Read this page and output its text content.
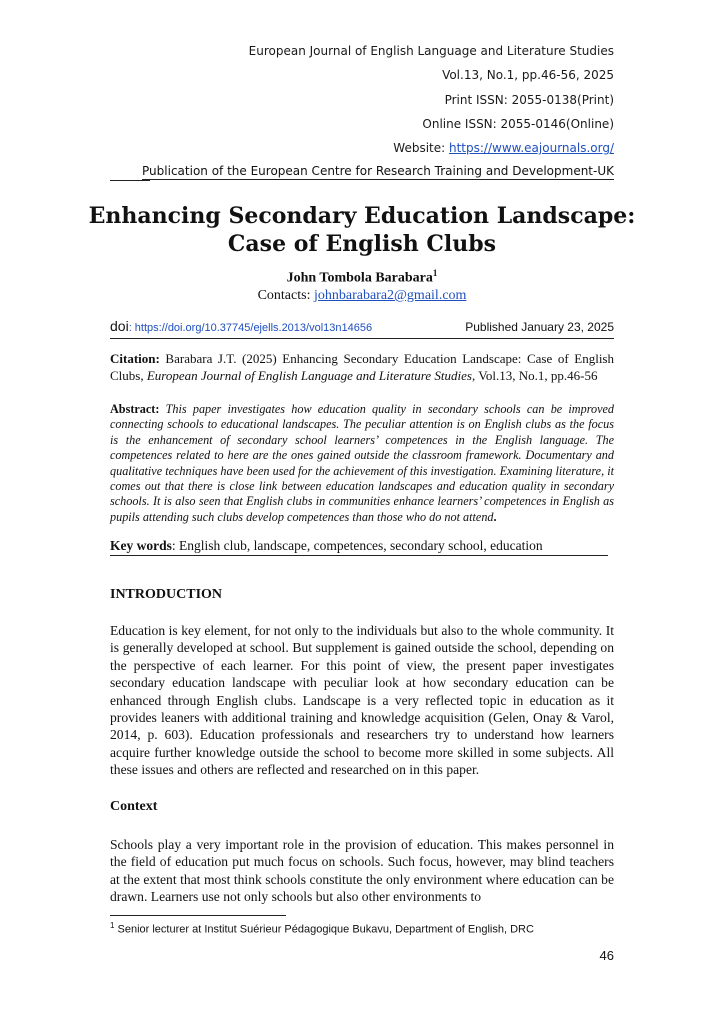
European Journal of English Language and Literature Studies
Vol.13, No.1, pp.46-56, 2025
Print ISSN: 2055-0138(Print)
Online ISSN: 2055-0146(Online)
Website: https://www.eajournals.org/
Publication of the European Centre for Research Training and Development-UK
Enhancing Secondary Education Landscape:
Case of English Clubs
John Tombola Barabara$^1$
Contacts: johnbarabara2@gmail.com
doi: https://doi.org/10.37745/ejells.2013/vol13n14656	Published January 23, 2025
Citation: Barabara J.T. (2025) Enhancing Secondary Education Landscape: Case of English Clubs, European Journal of English Language and Literature Studies, Vol.13, No.1, pp.46-56
Abstract: This paper investigates how education quality in secondary schools can be improved connecting schools to educational landscapes. The peculiar attention is on English clubs as the focus is the enhancement of secondary school learners’ competences in the English language. The competences related to here are the ones gained outside the classroom framework. Documentary and qualitative techniques have been used for the achievement of this investigation. Examining literature, it comes out that there is close link between education landscapes and education quality in secondary schools. It is also seen that English clubs in communities enhance learners’ competences in English as pupils attending such clubs develop competences than those who do not attend.
Key words: English club, landscape, competences, secondary school, education
INTRODUCTION
Education is key element, for not only to the individuals but also to the whole community. It is generally developed at school. But supplement is gained outside the school, depending on the perspective of each learner. For this point of view, the present paper investigates secondary education landscape with peculiar look at how secondary education can be enhanced through English clubs. Landscape is a very reflected topic in education as it provides leaners with additional training and knowledge acquisition (Gelen, Onay & Varol, 2014, p. 603). Education professionals and researchers try to understand how learners acquire further knowledge outside the school to become more skilled in some subjects. All these issues and others are reflected and researched on in this paper.
Context
Schools play a very important role in the provision of education. This makes personnel in the field of education put much focus on schools. Such focus, however, may blind teachers at the extent that most think schools constitute the only environment where education can be drawn. Learners use not only schools but also other environments to
$^1$ Senior lecturer at Institut Suérieur Pédagogique Bukavu, Department of English, DRC
46
